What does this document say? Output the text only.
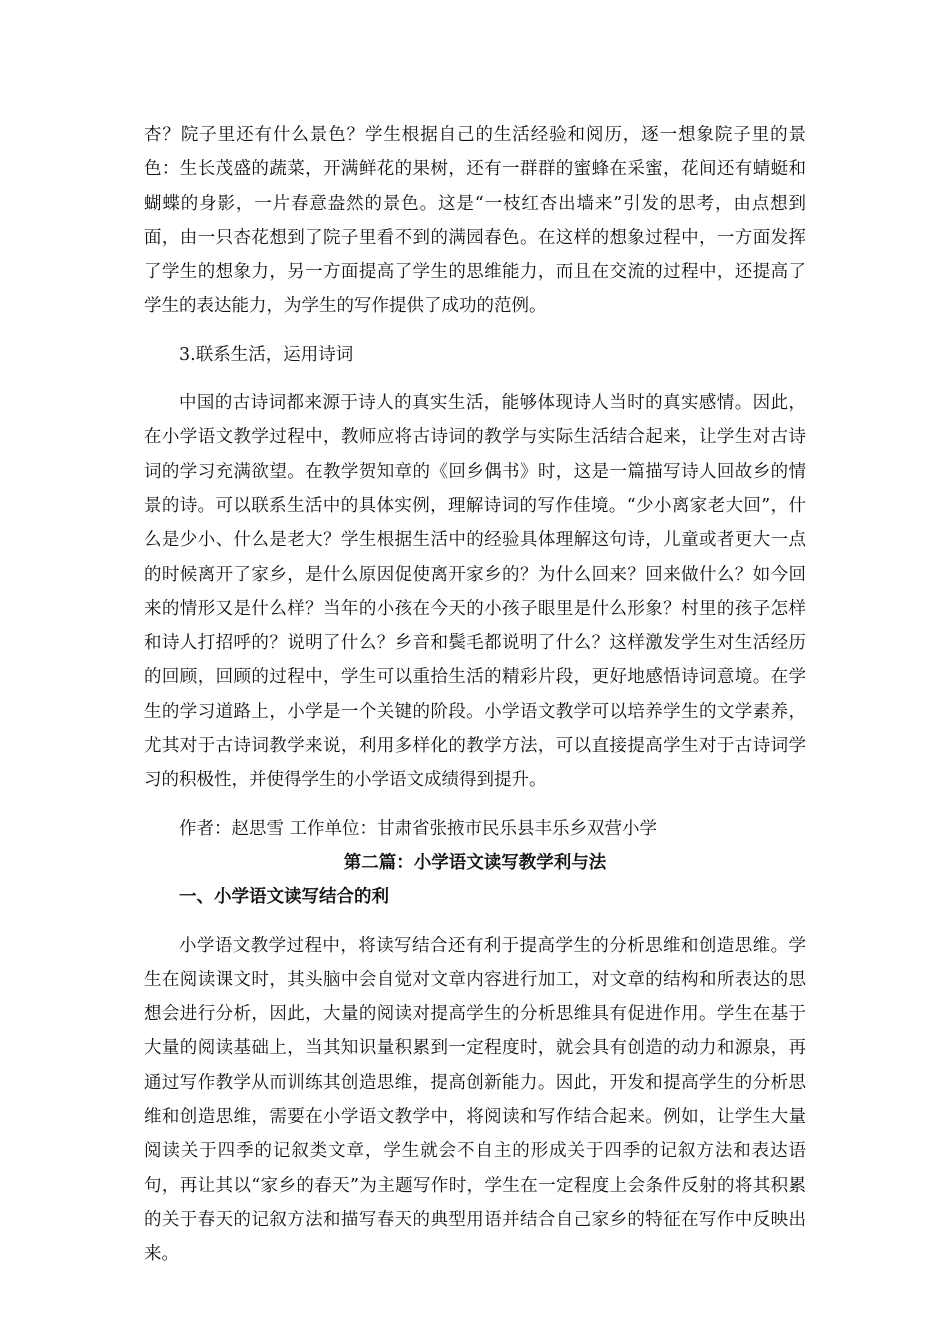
杏？院子里还有什么景色？学生根据自己的生活经验和阅历，逐一想象院子里的景色：生长茂盛的蔬菜，开满鲜花的果树，还有一群群的蜜蜂在采蜜，花间还有蜻蜓和蝴蝶的身影，一片春意盎然的景色。这是“一枝红杏出墙来”引发的思考，由点想到面，由一只杏花想到了院子里看不到的满园春色。在这样的想象过程中，一方面发挥了学生的想象力，另一方面提高了学生的思维能力，而且在交流的过程中，还提高了学生的表达能力，为学生的写作提供了成功的范例。

3.联系生活，运用诗词

中国的古诗词都来源于诗人的真实生活，能够体现诗人当时的真实感情。因此，在小学语文教学过程中，教师应将古诗词的教学与实际生活结合起来，让学生对古诗词的学习充满欲望。在教学贺知章的《回乡偶书》时，这是一篇描写诗人回故乡的情景的诗。可以联系生活中的具体实例，理解诗词的写作佳境。“少小离家老大回”，什么是少小、什么是老大？学生根据生活中的经验具体理解这句诗，儿童或者更大一点的时候离开了家乡，是什么原因促使离开家乡的？为什么回来？回来做什么？如今回来的情形又是什么样？当年的小孩在今天的小孩子眼里是什么形象？村里的孩子怎样和诗人打招呼的？说明了什么？乡音和鬓毛都说明了什么？这样激发学生对生活经历的回顾，回顾的过程中，学生可以重拾生活的精彩片段，更好地感悟诗词意境。在学生的学习道路上，小学是一个关键的阶段。小学语文教学可以培养学生的文学素养，尤其对于古诗词教学来说，利用多样化的教学方法，可以直接提高学生对于古诗词学习的积极性，并使得学生的小学语文成绩得到提升。

作者：赵思雪 工作单位：甘肃省张掖市民乐县丰乐乡双营小学

第二篇：小学语文读写教学利与法

一、小学语文读写结合的利

小学语文教学过程中，将读写结合还有利于提高学生的分析思维和创造思维。学生在阅读课文时，其头脑中会自觉对文章内容进行加工，对文章的结构和所表达的思想会进行分析，因此，大量的阅读对提高学生的分析思维具有促进作用。学生在基于大量的阅读基础上，当其知识量积累到一定程度时，就会具有创造的动力和源泉，再通过写作教学从而训练其创造思维，提高创新能力。因此，开发和提高学生的分析思维和创造思维，需要在小学语文教学中，将阅读和写作结合起来。例如，让学生大量阅读关于四季的记叙类文章，学生就会不自主的形成关于四季的记叙方法和表达语句，再让其以“家乡的春天”为主题写作时，学生在一定程度上会条件反射的将其积累的关于春天的记叙方法和描写春天的典型用语并结合自己家乡的特征在写作中反映出来。
